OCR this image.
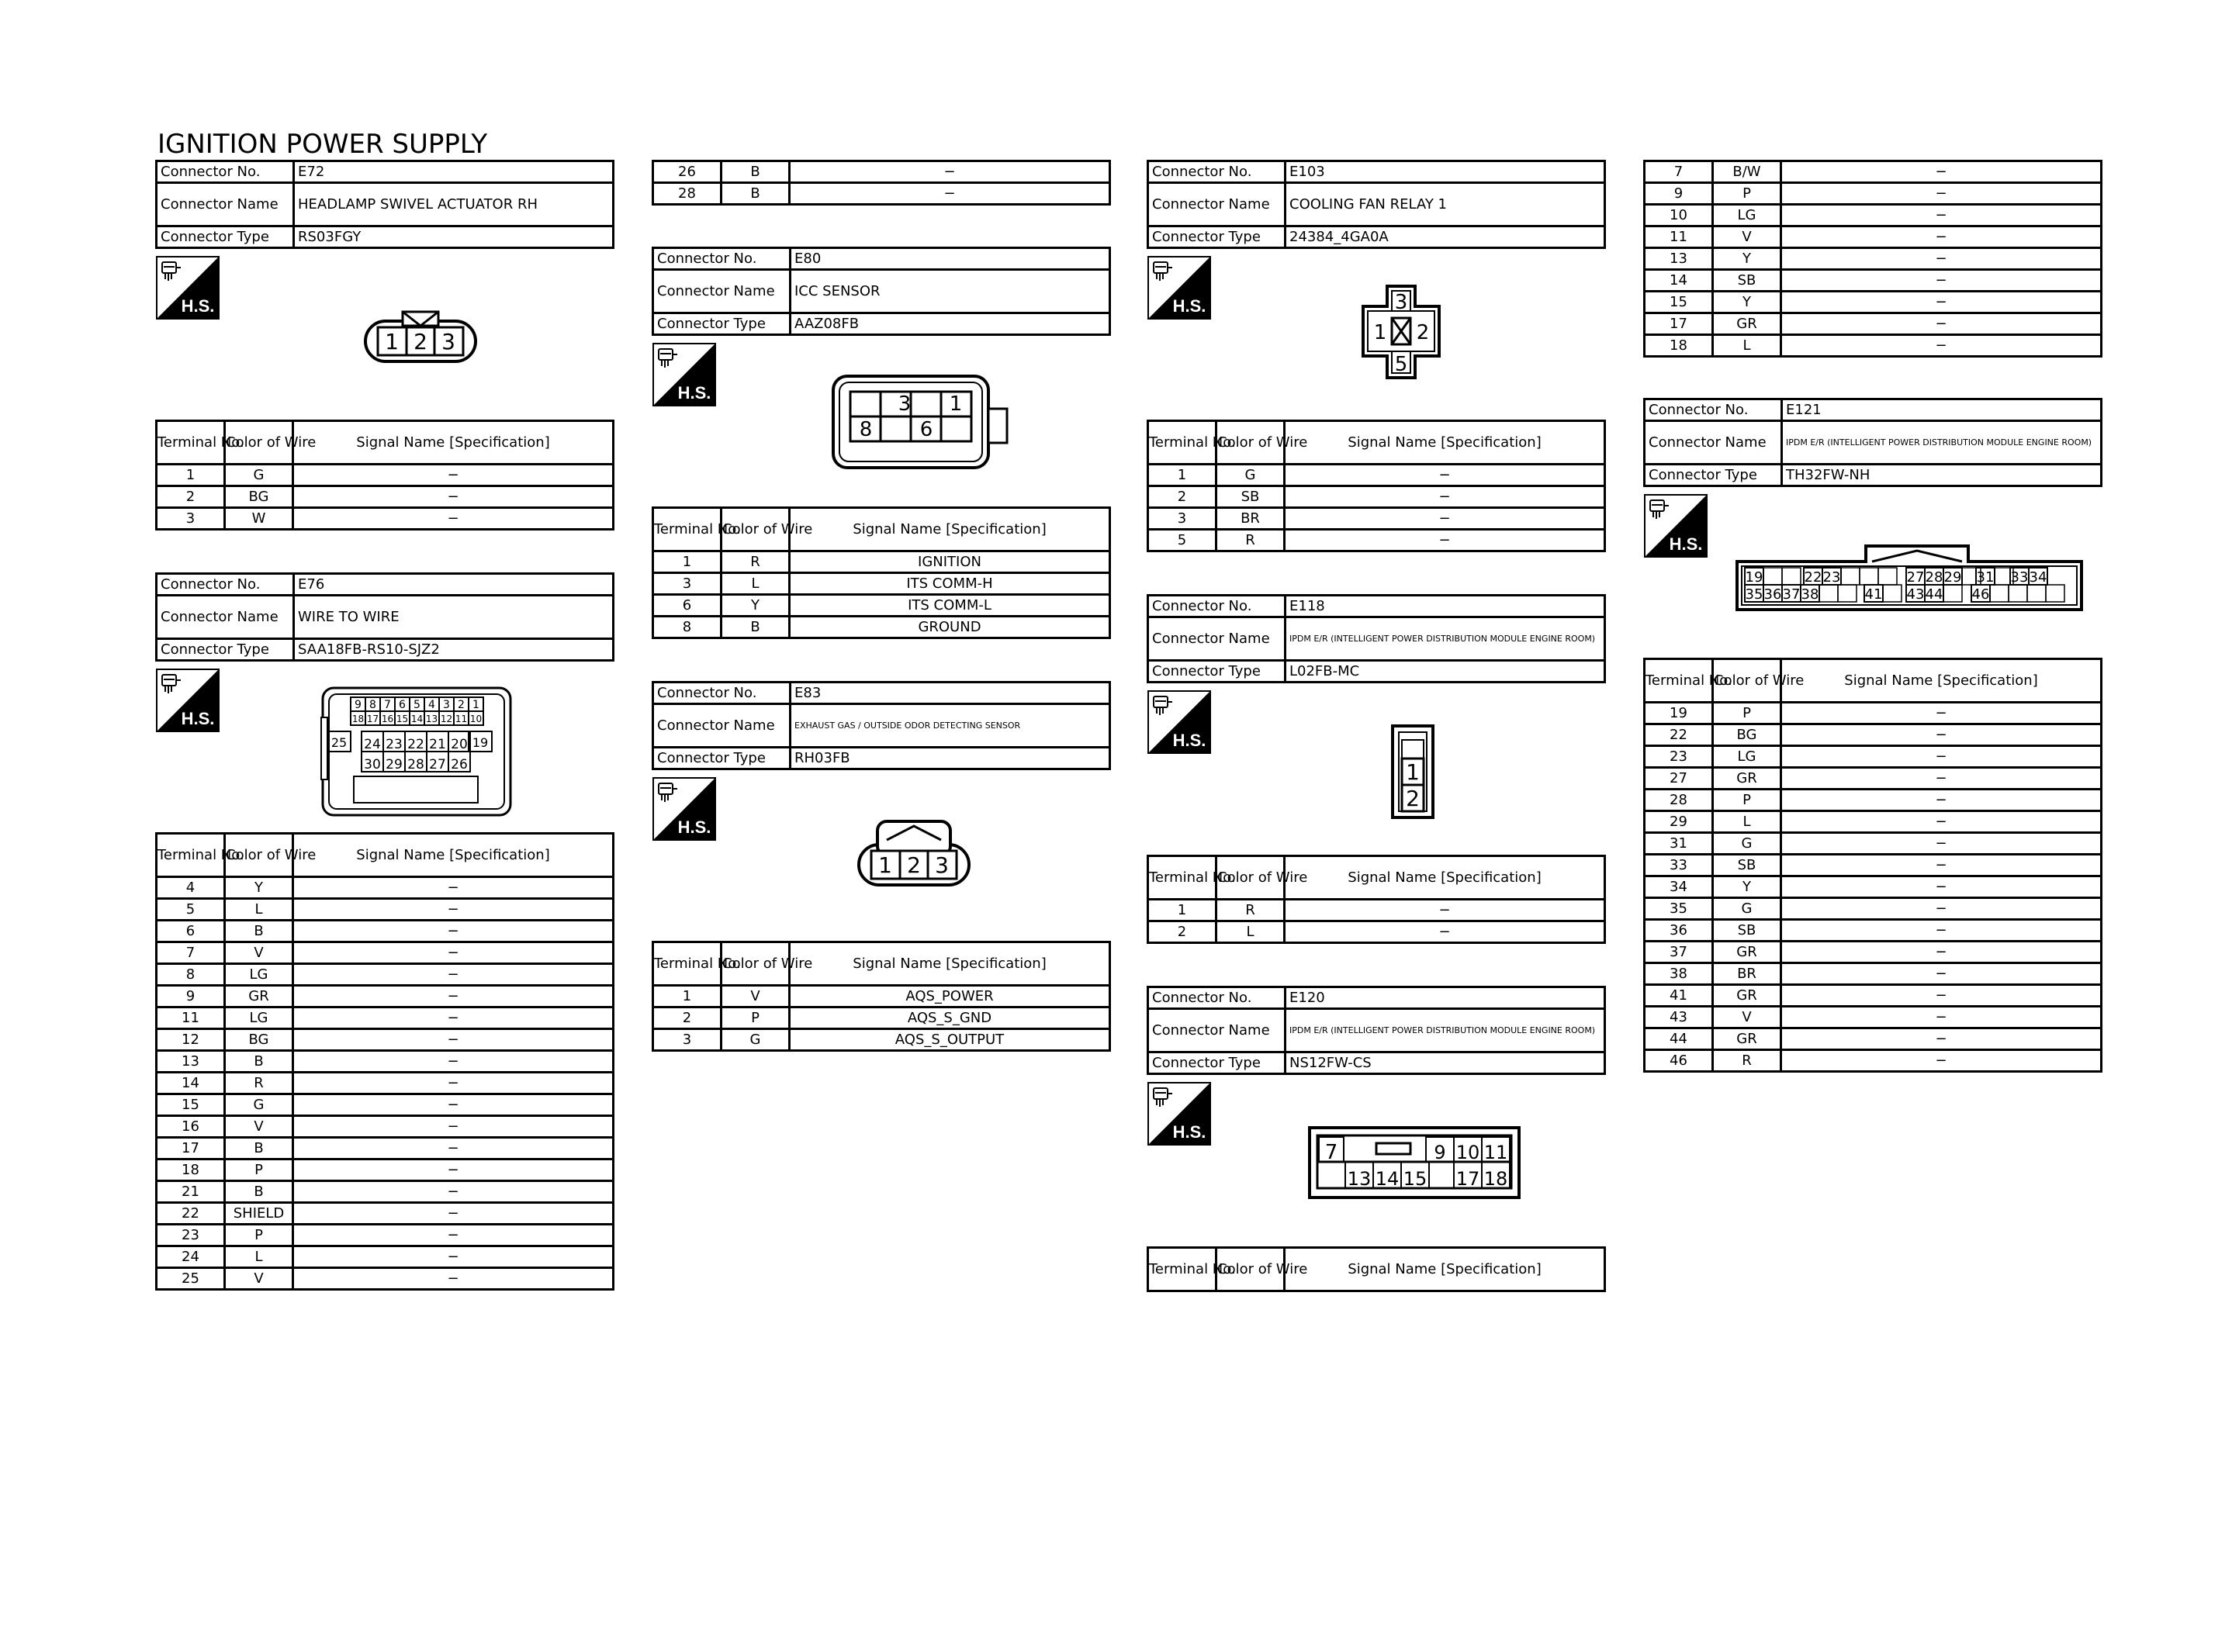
IGNITION POWER SUPPLY
Connector No.	E72
Connector Name	HEADLAMP SWIVEL ACTUATOR RH
Connector Type	RS03FGY
H.S.
1 2 3
Terminal No.	Color of Wire	Signal Name [Specification]
1	G	−
2	BG	−
3	W	−
Connector No.	E76
Connector Name	WIRE TO WIRE
Connector Type	SAA18FB-RS10-SJZ2
H.S.
9 8 7 6 5 4 3 2 1
18 17 16 15 14 13 12 11 10
24 23 22 21 20
30 29 28 27 26
25	19
Terminal No.	Color of Wire	Signal Name [Specification]
4	Y	−
5	L	−
6	B	−
7	V	−
8	LG	−
9	GR	−
11	LG	−
12	BG	−
13	B	−
14	R	−
15	G	−
16	V	−
17	B	−
18	P	−
21	B	−
22	SHIELD	−
23	P	−
24	L	−
25	V	−
26	B	−
28	B	−
Connector No.	E80
Connector Name	ICC SENSOR
Connector Type	AAZ08FB
H.S.	3 1
8 6
Terminal No.	Color of Wire	Signal Name [Specification]
1	R	IGNITION
3	L	ITS COMM-H
6	Y	ITS COMM-L
8	B	GROUND
Connector No.	E83
Connector Name	EXHAUST GAS / OUTSIDE ODOR DETECTING SENSOR
Connector Type	RH03FB
H.S.
1 2 3
Terminal No.	Color of Wire	Signal Name [Specification]
1	V	AQS_POWER
2	P	AQS_S_GND
3	G	AQS_S_OUTPUT
Connector No.	E103
Connector Name	COOLING FAN RELAY 1
Connector Type	24384_4GA0A
H.S.	3
1 2
5
Terminal No.	Color of Wire	Signal Name [Specification]
1	G	−
2	SB	−
3	BR	−
5	R	−
Connector No.	E118
Connector Name	IPDM E/R (INTELLIGENT POWER DISTRIBUTION MODULE ENGINE ROOM)
Connector Type	L02FB-MC
H.S.
1
2
Terminal No.	Color of Wire	Signal Name [Specification]
1	R	−
2	L	−
Connector No.	E120
Connector Name	IPDM E/R (INTELLIGENT POWER DISTRIBUTION MODULE ENGINE ROOM)
Connector Type	NS12FW-CS
H.S.
7	9 10 11
13 14 15 17 18
Terminal No.	Color of Wire	Signal Name [Specification]
7	B/W	−
9	P	−
10	LG	−
11	V	−
13	Y	−
14	SB	−
15	Y	−
17	GR	−
18	L	−
Connector No.	E121
Connector Name	IPDM E/R (INTELLIGENT POWER DISTRIBUTION MODULE ENGINE ROOM)
Connector Type	TH32FW-NH
H.S.
19	22 23	27 28 29 31 33 34
35 36 37 38	41 43 44 46
Terminal No.	Color of Wire	Signal Name [Specification]
19	P	−
22	BG	−
23	LG	−
27	GR	−
28	P	−
29	L	−
31	G	−
33	SB	−
34	Y	−
35	G	−
36	SB	−
37	GR	−
38	BR	−
41	GR	−
43	V	−
44	GR	−
46	R	−
